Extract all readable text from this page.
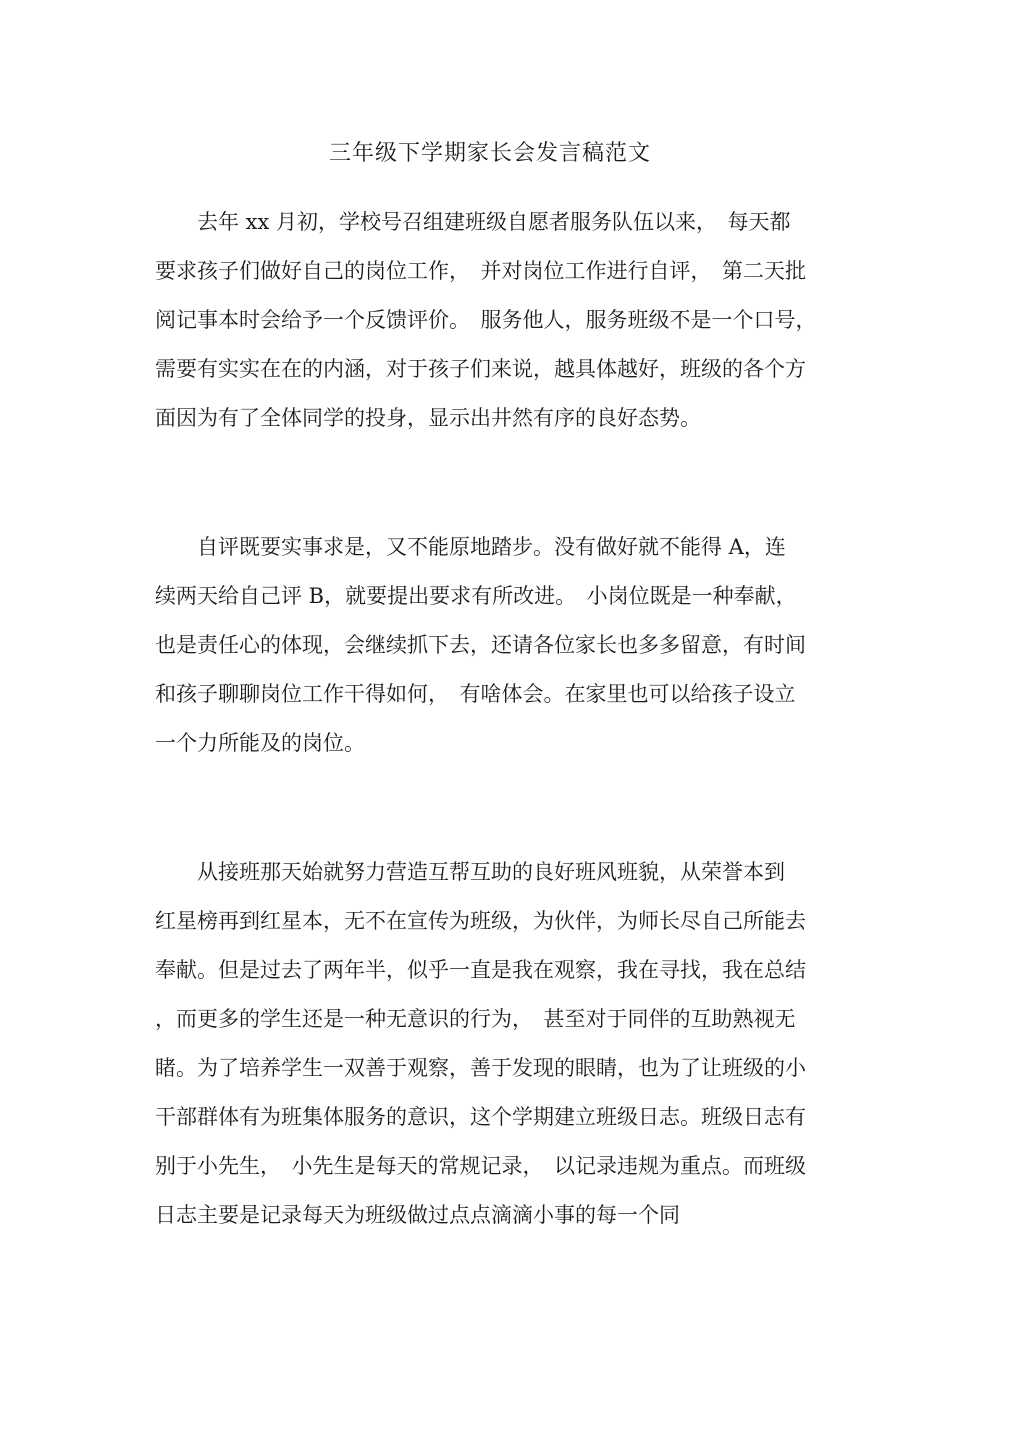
三年级下学期家长会发言稿范文
　　去年 xx 月初，学校号召组建班级自愿者服务队伍以来，　每天都
要求孩子们做好自己的岗位工作，　并对岗位工作进行自评，　第二天批
阅记事本时会给予一个反馈评价。　服务他人，服务班级不是一个口号，
需要有实实在在的内涵，对于孩子们来说，越具体越好，班级的各个方
面因为有了全体同学的投身，显示出井然有序的良好态势。
　　自评既要实事求是，又不能原地踏步。没有做好就不能得 A，连
续两天给自己评 B，就要提出要求有所改进。　小岗位既是一种奉献，
也是责任心的体现，会继续抓下去，还请各位家长也多多留意，有时间
和孩子聊聊岗位工作干得如何，　有啥体会。在家里也可以给孩子设立
一个力所能及的岗位。
　　从接班那天始就努力营造互帮互助的良好班风班貌，从荣誉本到
红星榜再到红星本，无不在宣传为班级，为伙伴，为师长尽自己所能去
奉献。但是过去了两年半，似乎一直是我在观察，我在寻找，我在总结
，而更多的学生还是一种无意识的行为，　甚至对于同伴的互助熟视无
睹。为了培养学生一双善于观察，善于发现的眼睛，也为了让班级的小
干部群体有为班集体服务的意识，这个学期建立班级日志。班级日志有
别于小先生，　小先生是每天的常规记录，　以记录违规为重点。而班级
日志主要是记录每天为班级做过点点滴滴小事的每一个同
